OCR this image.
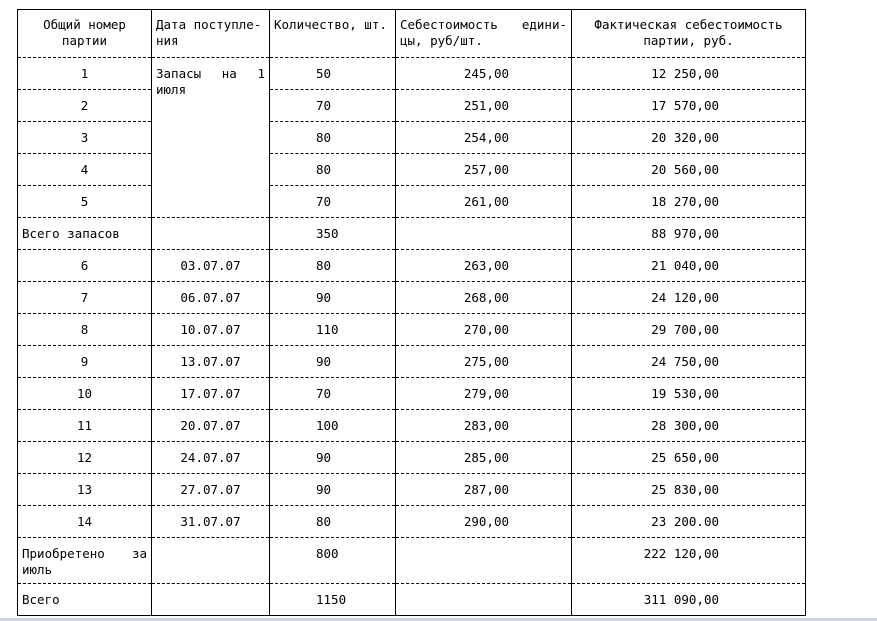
Общий номер партии	Дата поступле-ния	Количество, шт.	Себестоимость едини-цы, руб/шт.	Фактическая себестоимость партии, руб.
1	Запасы на 1 июля	50	245,00	12 250,00
2		70	251,00	17 570,00
3		80	254,00	20 320,00
4		80	257,00	20 560,00
5		70	261,00	18 270,00
Всего запасов		350		88 970,00
6	03.07.07	80	263,00	21 040,00
7	06.07.07	90	268,00	24 120,00
8	10.07.07	110	270,00	29 700,00
9	13.07.07	90	275,00	24 750,00
10	17.07.07	70	279,00	19 530,00
11	20.07.07	100	283,00	28 300,00
12	24.07.07	90	285,00	25 650,00
13	27.07.07	90	287,00	25 830,00
14	31.07.07	80	290,00	23 200.00
Приобретено за июль		800		222 120,00
Всего		1150		311 090,00
